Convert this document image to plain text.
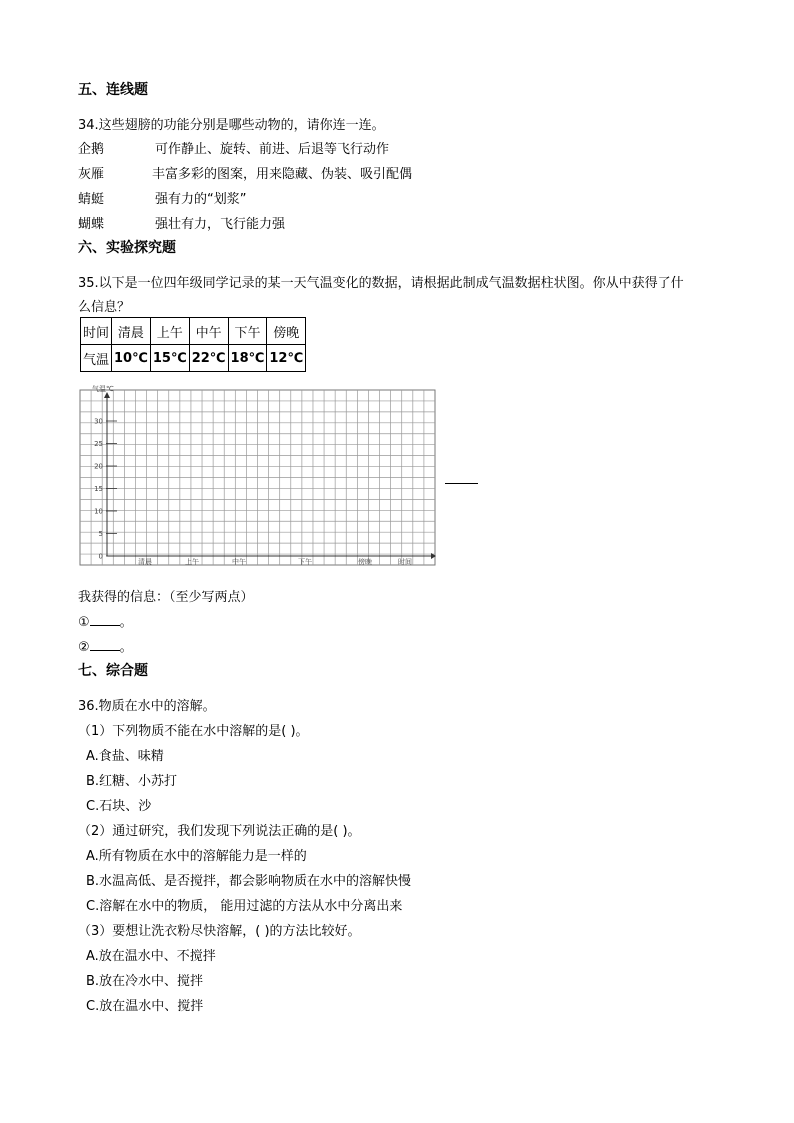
五、连线题
34.这些翅膀的功能分别是哪些动物的，请你连一连。
企鹅	可作静止、旋转、前进、后退等飞行动作
灰雁	丰富多彩的图案，用来隐藏、伪装、吸引配偶
蜻蜓	强有力的“划浆”
蝴蝶	强壮有力，飞行能力强
六、实验探究题
35.以下是一位四年级同学记录的某一天气温变化的数据，请根据此制成气温数据柱状图。你从中获得了什
么信息？
时间	清晨	上午	中午	下午	傍晚
气温	10℃	15℃	22℃	18℃	12℃
0
5
10
15
20
25
30
气温℃
清晨	上午	中午	下午	傍晚	时间
我获得的信息：（至少写两点）
① 。
② 。
七、综合题
36.物质在水中的溶解。
（1）下列物质不能在水中溶解的是( )。
A.食盐、味精
B.红糖、小苏打
C.石块、沙
（2）通过研究，我们发现下列说法正确的是( )。
A.所有物质在水中的溶解能力是一样的
B.水温高低、是否搅拌，都会影响物质在水中的溶解快慢
C.溶解在水中的物质， 能用过滤的方法从水中分离出来
（3）要想让洗衣粉尽快溶解，( )的方法比较好。
A.放在温水中、不搅拌
B.放在冷水中、搅拌
C.放在温水中、搅拌
